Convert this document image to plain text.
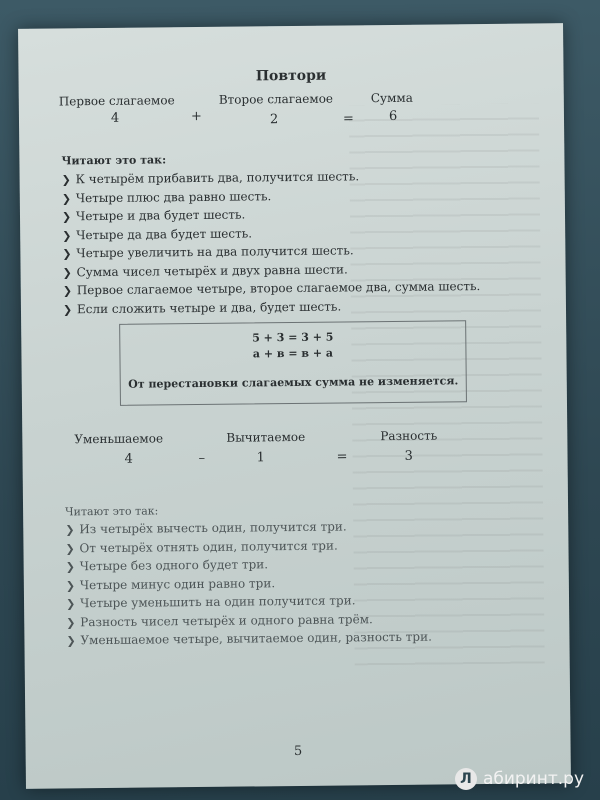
Повтори
Первое слагаемое	Второе слагаемое	Сумма
4	+	2	=	6
Читают это так:
❯ К четырём прибавить два, получится шесть.
❯ Четыре плюс два равно шесть.
❯ Четыре и два будет шесть.
❯ Четыре да два будет шесть.
❯ Четыре увеличить на два получится шесть.
❯ Сумма чисел четырёх и двух равна шести.
❯ Первое слагаемое четыре, второе слагаемое два, сумма шесть.
❯ Если сложить четыре и два, будет шесть.
5 + 3 = 3 + 5
a + в = в + a
От перестановки слагаемых сумма не изменяется.
Уменьшаемое	Вычитаемое	Разность
4	–	1	=	3
Читают это так:
❯ Из четырёх вычесть один, получится три.
❯ От четырёх отнять один, получится три.
❯ Четыре без одного будет три.
❯ Четыре минус один равно три.
❯ Четыре уменьшить на один получится три.
❯ Разность чисел четырёх и одного равна трём.
❯ Уменьшаемое четыре, вычитаемое один, разность три.
5
Л абиринт.ру
